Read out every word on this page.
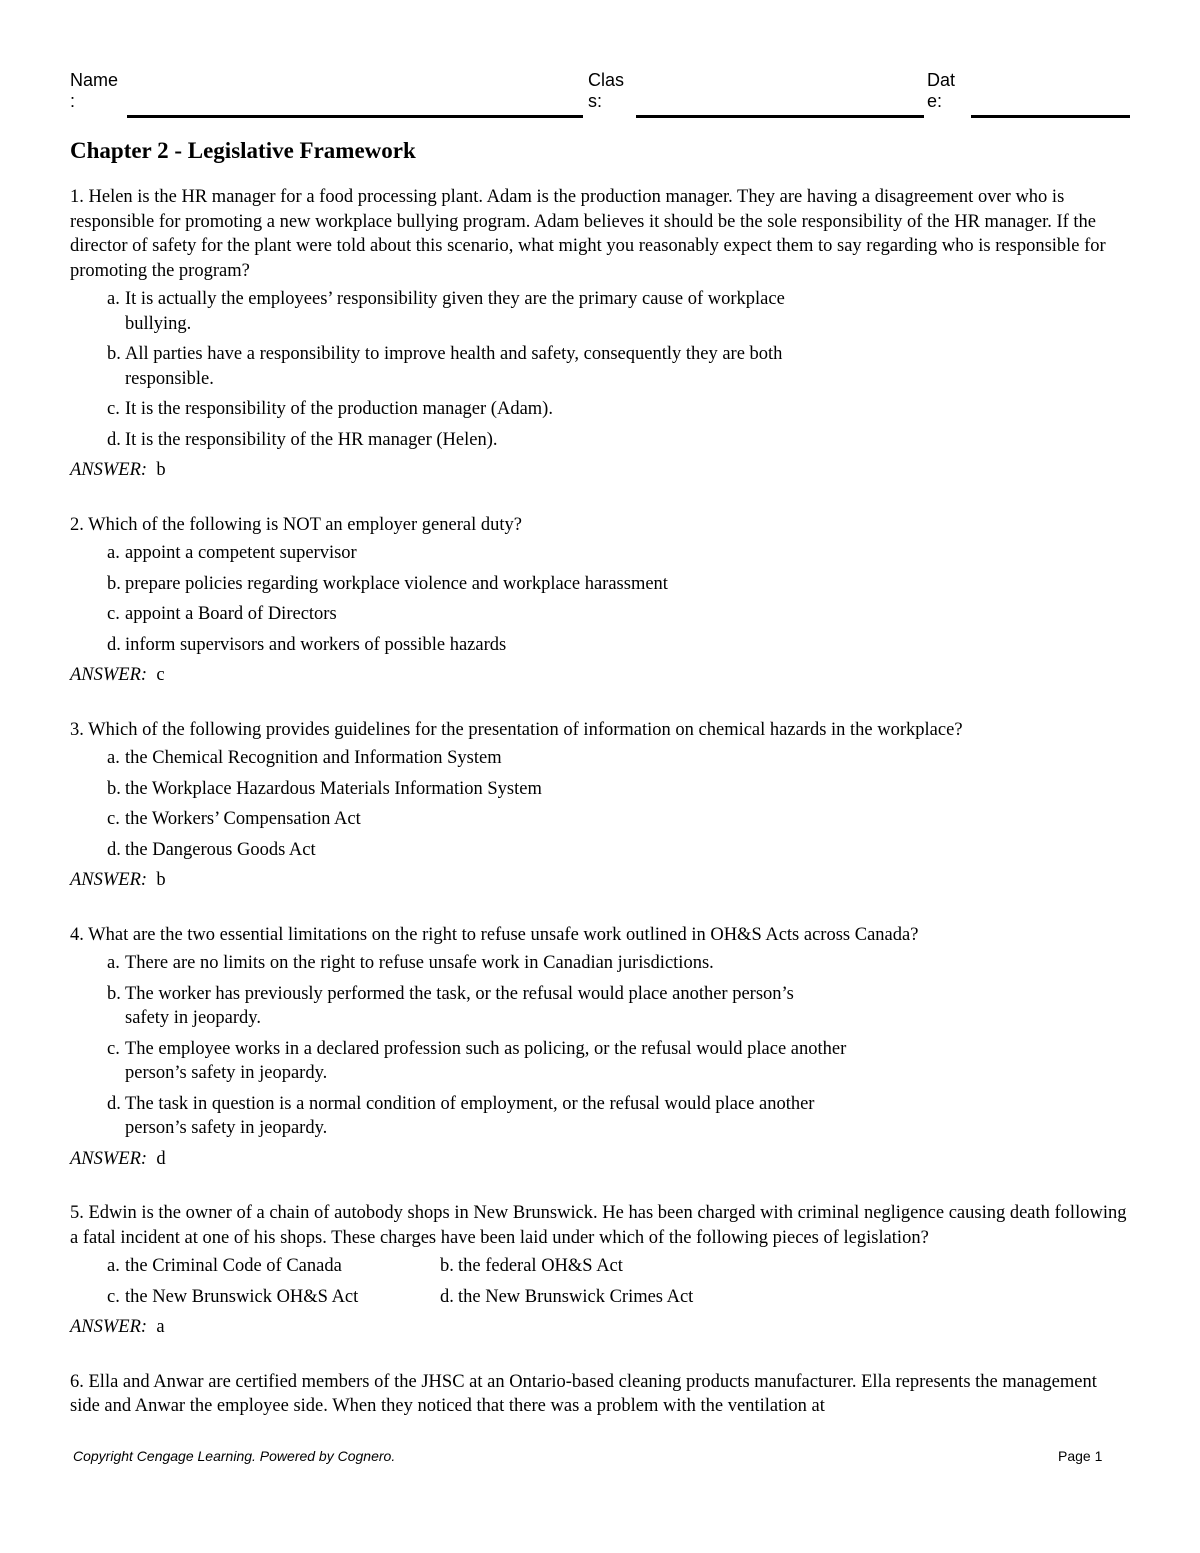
Name
:
Clas
s:
Dat
e:
Chapter 2 - Legislative Framework
1. Helen is the HR manager for a food processing plant. Adam is the production manager. They are having a disagreement over who is responsible for promoting a new workplace bullying program. Adam believes it should be the sole responsibility of the HR manager. If the director of safety for the plant were told about this scenario, what might you reasonably expect them to say regarding who is responsible for promoting the program?
a. It is actually the employees’ responsibility given they are the primary cause of workplace bullying.
b. All parties have a responsibility to improve health and safety, consequently they are both responsible.
c. It is the responsibility of the production manager (Adam).
d. It is the responsibility of the HR manager (Helen).
ANSWER: b
2. Which of the following is NOT an employer general duty?
a. appoint a competent supervisor
b. prepare policies regarding workplace violence and workplace harassment
c. appoint a Board of Directors
d. inform supervisors and workers of possible hazards
ANSWER: c
3. Which of the following provides guidelines for the presentation of information on chemical hazards in the workplace?
a. the Chemical Recognition and Information System
b. the Workplace Hazardous Materials Information System
c. the Workers’ Compensation Act
d. the Dangerous Goods Act
ANSWER: b
4. What are the two essential limitations on the right to refuse unsafe work outlined in OH&S Acts across Canada?
a. There are no limits on the right to refuse unsafe work in Canadian jurisdictions.
b. The worker has previously performed the task, or the refusal would place another person’s safety in jeopardy.
c. The employee works in a declared profession such as policing, or the refusal would place another person’s safety in jeopardy.
d. The task in question is a normal condition of employment, or the refusal would place another person’s safety in jeopardy.
ANSWER: d
5. Edwin is the owner of a chain of autobody shops in New Brunswick. He has been charged with criminal negligence causing death following a fatal incident at one of his shops. These charges have been laid under which of the following pieces of legislation?
a. the Criminal Code of Canada	b. the federal OH&S Act
c. the New Brunswick OH&S Act	d. the New Brunswick Crimes Act
ANSWER: a
6. Ella and Anwar are certified members of the JHSC at an Ontario-based cleaning products manufacturer. Ella represents the management side and Anwar the employee side. When they noticed that there was a problem with the ventilation at
Copyright Cengage Learning. Powered by Cognero.	Page 1
